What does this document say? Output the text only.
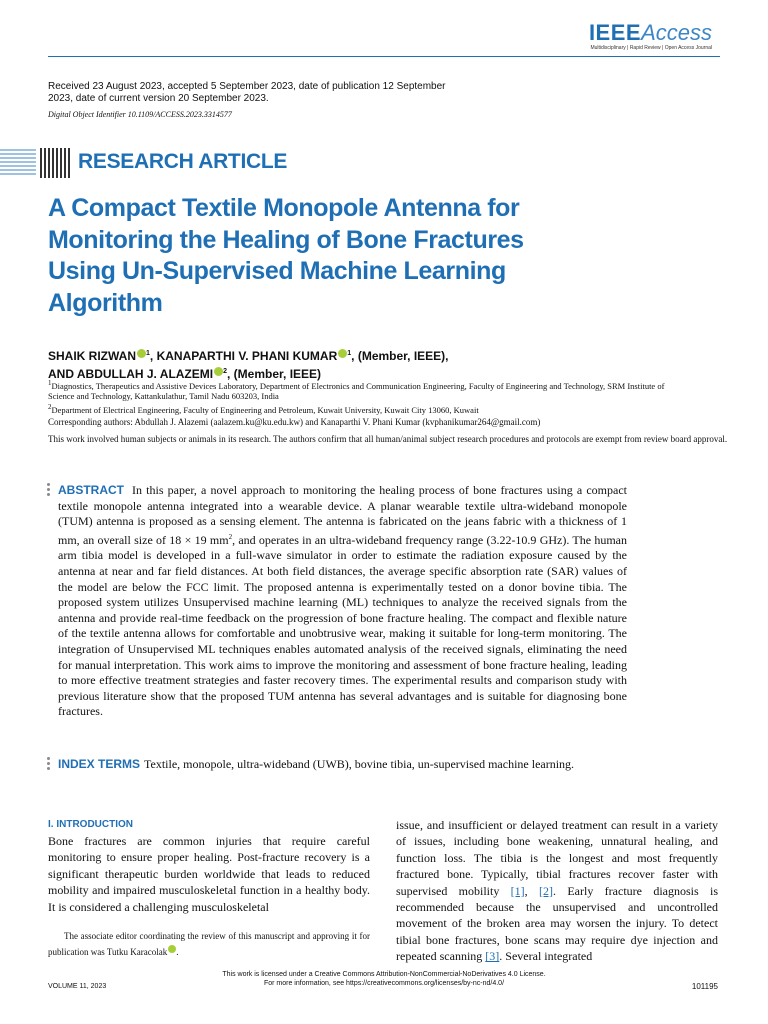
IEEEAccess
Multidisciplinary | Rapid Review | Open Access Journal
Received 23 August 2023, accepted 5 September 2023, date of publication 12 September 2023, date of current version 20 September 2023.
Digital Object Identifier 10.1109/ACCESS.2023.3314577
RESEARCH ARTICLE
A Compact Textile Monopole Antenna for Monitoring the Healing of Bone Fractures Using Un-Supervised Machine Learning Algorithm
SHAIK RIZWAN $^1$, KANAPARTHI V. PHANI KUMAR $^1$, (Member, IEEE),
AND ABDULLAH J. ALAZEMI $^2$, (Member, IEEE)
$^1$Diagnostics, Therapeutics and Assistive Devices Laboratory, Department of Electronics and Communication Engineering, Faculty of Engineering and Technology, SRM Institute of Science and Technology, Kattankulathur, Tamil Nadu 603203, India
$^2$Department of Electrical Engineering, Faculty of Engineering and Petroleum, Kuwait University, Kuwait City 13060, Kuwait
Corresponding authors: Abdullah J. Alazemi (aalazem.ku@ku.edu.kw) and Kanaparthi V. Phani Kumar (kvphanikumar264@gmail.com)
This work involved human subjects or animals in its research. The authors confirm that all human/animal subject research procedures and protocols are exempt from review board approval.
ABSTRACT In this paper, a novel approach to monitoring the healing process of bone fractures using a compact textile monopole antenna integrated into a wearable device. A planar wearable textile ultra-wideband monopole (TUM) antenna is proposed as a sensing element. The antenna is fabricated on the jeans fabric with a thickness of 1 mm, an overall size of 18 × 19 $mm^2$, and operates in an ultra-wideband frequency range (3.22-10.9 GHz). The human arm tibia model is developed in a full-wave simulator in order to estimate the radiation exposure caused by the antenna at near and far field distances. At both field distances, the average specific absorption rate (SAR) values of the model are below the FCC limit. The proposed antenna is experimentally tested on a donor bovine tibia. The proposed system utilizes Unsupervised machine learning (ML) techniques to analyze the received signals from the antenna and provide real-time feedback on the progression of bone fracture healing. The compact and flexible nature of the textile antenna allows for comfortable and unobtrusive wear, making it suitable for long-term monitoring. The integration of Unsupervised ML techniques enables automated analysis of the received signals, eliminating the need for manual interpretation. This work aims to improve the monitoring and assessment of bone fracture healing, leading to more effective treatment strategies and faster recovery times. The experimental results and comparison study with previous literature show that the proposed TUM antenna has several advantages and is suitable for diagnosing bone fractures.
INDEX TERMS Textile, monopole, ultra-wideband (UWB), bovine tibia, un-supervised machine learning.
I. INTRODUCTION
Bone fractures are common injuries that require careful monitoring to ensure proper healing. Post-fracture recovery is a significant therapeutic burden worldwide that leads to reduced mobility and impaired musculoskeletal function in a healthy body. It is considered a challenging musculoskeletal
issue, and insufficient or delayed treatment can result in a variety of issues, including bone weakening, unnatural healing, and function loss. The tibia is the longest and most frequently fractured bone. Typically, tibial fractures recover faster with supervised mobility [1], [2]. Early fracture diagnosis is recommended because the unsupervised and uncontrolled movement of the broken area may worsen the injury. To detect tibial bone fractures, bone scans may require dye injection and repeated scanning [3]. Several integrated
The associate editor coordinating the review of this manuscript and approving it for publication was Tutku Karacolak .
This work is licensed under a Creative Commons Attribution-NonCommercial-NoDerivatives 4.0 License.
For more information, see https://creativecommons.org/licenses/by-nc-nd/4.0/
VOLUME 11, 2023	101195
